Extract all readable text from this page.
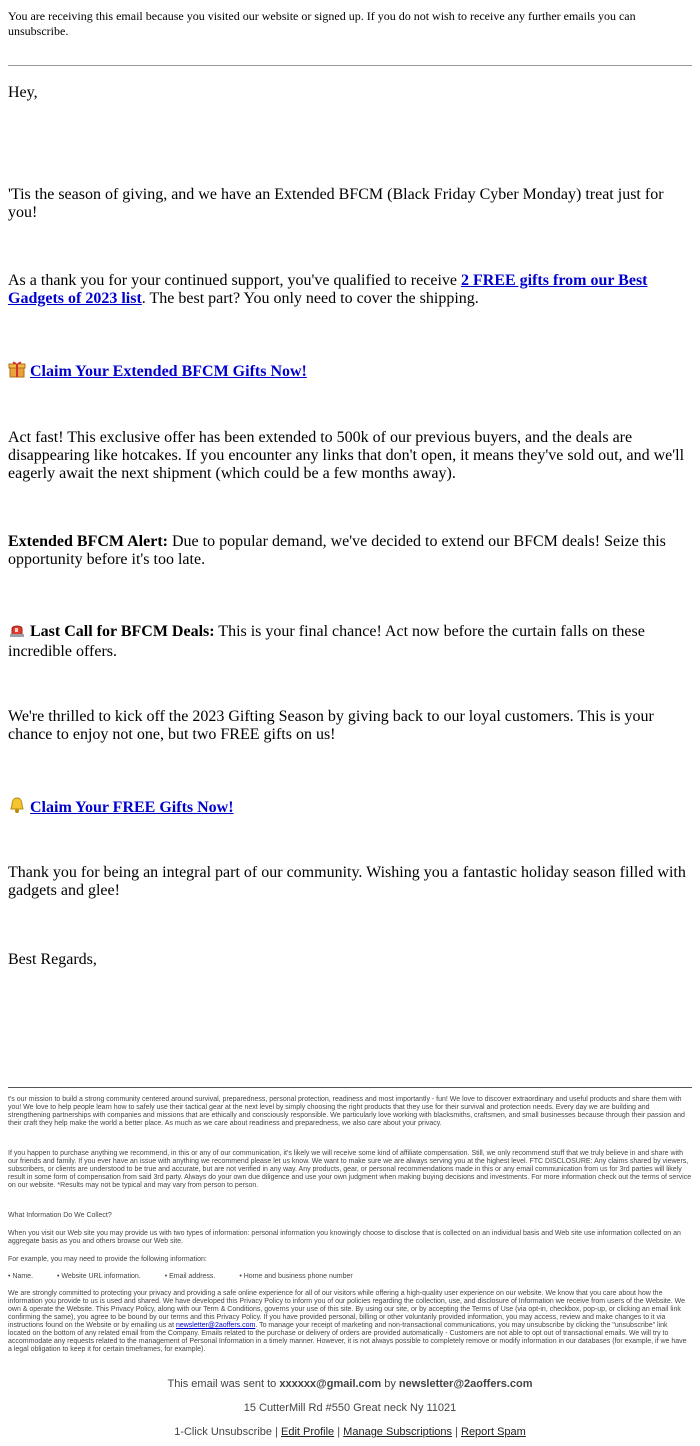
You are receiving this email because you visited our website or signed up. If you do not wish to receive any further emails you can unsubscribe.

Hey,

'Tis the season of giving, and we have an Extended BFCM (Black Friday Cyber Monday) treat just for you!

As a thank you for your continued support, you've qualified to receive 2 FREE gifts from our Best Gadgets of 2023 list. The best part? You only need to cover the shipping.

Claim Your Extended BFCM Gifts Now!

Act fast! This exclusive offer has been extended to 500k of our previous buyers, and the deals are disappearing like hotcakes. If you encounter any links that don't open, it means they've sold out, and we'll eagerly await the next shipment (which could be a few months away).

Extended BFCM Alert: Due to popular demand, we've decided to extend our BFCM deals! Seize this opportunity before it's too late.

Last Call for BFCM Deals: This is your final chance! Act now before the curtain falls on these incredible offers.

We're thrilled to kick off the 2023 Gifting Season by giving back to our loyal customers. This is your chance to enjoy not one, but two FREE gifts on us!

Claim Your FREE Gifts Now!

Thank you for being an integral part of our community. Wishing you a fantastic holiday season filled with gadgets and glee!

Best Regards,

t's our mission to build a strong community centered around survival, preparedness, personal protection, readiness and most importantly - fun! We love to discover extraordinary and useful products and share them with you! We love to help people learn how to safely use their tactical gear at the next level by simply choosing the right products that they use for their survival and protection needs. Every day we are building and strengthening partnerships with companies and missions that are ethically and consciously responsible. We particularly love working with blacksmiths, craftsmen, and small businesses because through their passion and their craft they help make the world a better place. As much as we care about readiness and preparedness, we also care about your privacy.

If you happen to purchase anything we recommend, in this or any of our communication, it's likely we will receive some kind of affiliate compensation. Still, we only recommend stuff that we truly believe in and share with our friends and family. If you ever have an issue with anything we recommend please let us know. We want to make sure we are always serving you at the highest level. FTC DISCLOSURE: Any claims shared by viewers, subscribers, or clients are understood to be true and accurate, but are not verified in any way. Any products, gear, or personal recommendations made in this or any email communication from us for 3rd parties will likely result in some form of compensation from said 3rd party. Always do your own due diligence and use your own judgment when making buying decisions and investments. For more information check out the terms of service on our website. *Results may not be typical and may vary from person to person.

What Information Do We Collect?

When you visit our Web site you may provide us with two types of information: personal information you knowingly choose to disclose that is collected on an individual basis and Web site use information collected on an aggregate basis as you and others browse our Web site.

For example, you may need to provide the following information:

• Name.	• Website URL information.	• Email address.	• Home and business phone number

We are strongly committed to protecting your privacy and providing a safe online experience for all of our visitors while offering a high-quality user experience on our website. We know that you care about how the information you provide to us is used and shared. We have developed this Privacy Policy to inform you of our policies regarding the collection, use, and disclosure of Information we receive from users of the Website. We own & operate the Website. This Privacy Policy, along with our Term & Conditions, governs your use of this site. By using our site, or by accepting the Terms of Use (via opt-in, checkbox, pop-up, or clicking an email link confirming the same), you agree to be bound by our terms and this Privacy Policy. If you have provided personal, billing or other voluntarily provided information, you may access, review and make changes to it via instructions found on the Website or by emailing us at newsletter@2aoffers.com. To manage your receipt of marketing and non-transactional communications, you may unsubscribe by clicking the "unsubscribe" link located on the bottom of any related email from the Company. Emails related to the purchase or delivery of orders are provided automatically - Customers are not able to opt out of transactional emails. We will try to accommodate any requests related to the management of Personal Information in a timely manner. However, it is not always possible to completely remove or modify information in our databases (for example, if we have a legal obligation to keep it for certain timeframes, for example).

This email was sent to xxxxxx@gmail.com by newsletter@2aoffers.com
15 CutterMill Rd #550 Great neck Ny 11021
1-Click Unsubscribe | Edit Profile | Manage Subscriptions | Report Spam
